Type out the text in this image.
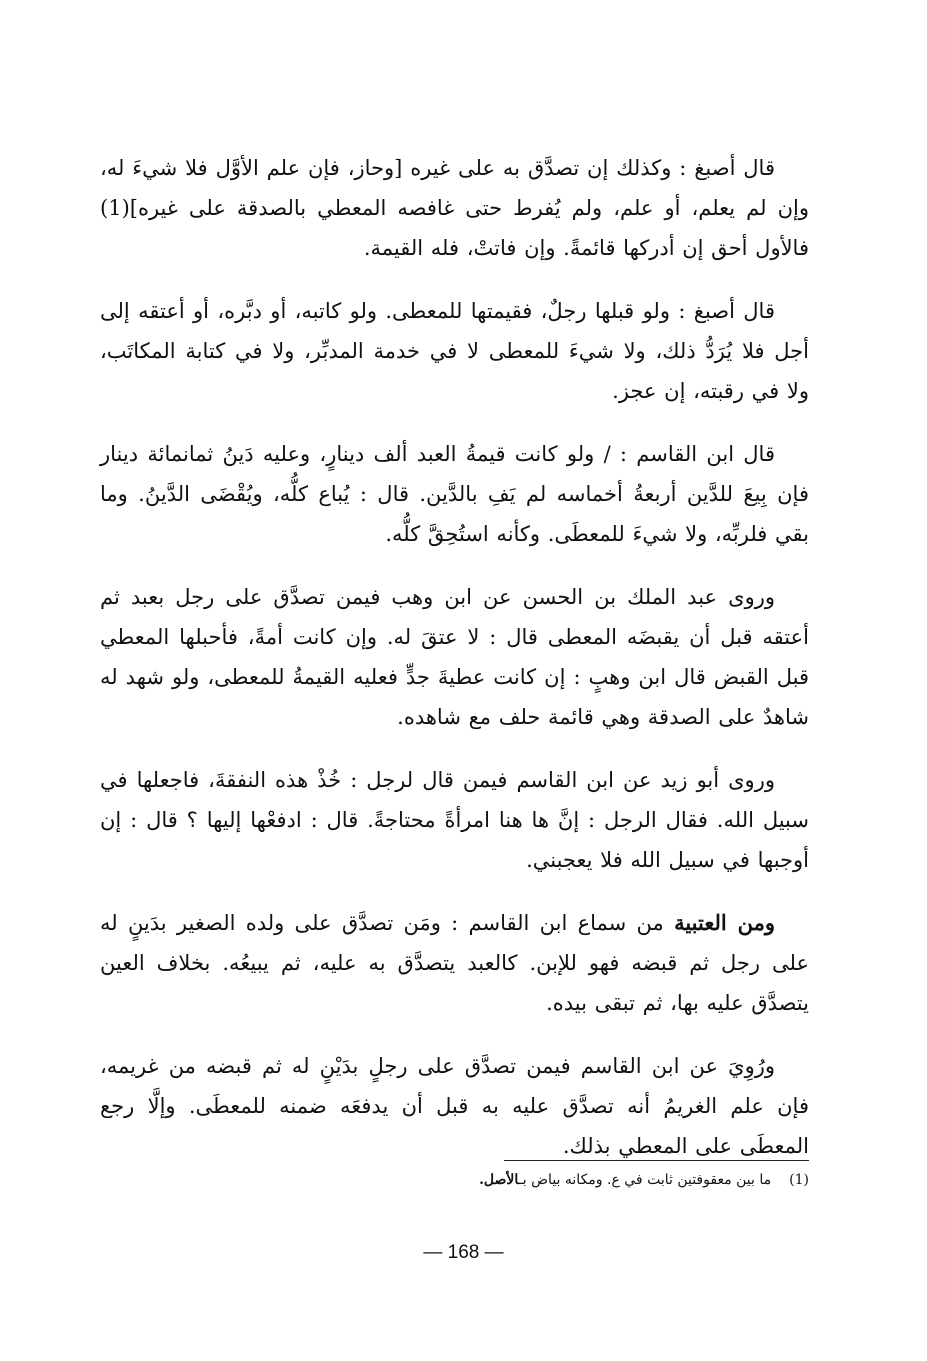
قال أصبغ : وكذلك إن تصدَّق به على غيره [وحاز، فإن علم الأوَّل فلا شيءَ له، وإن لم يعلم، أو علم، ولم يُفرط حتى غافصه المعطي بالصدقة على غيره](1) فالأول أحق إن أدركها قائمةً. وإن فاتتْ، فله القيمة.

قال أصبغ : ولو قبلها رجلٌ، فقيمتها للمعطى. ولو كاتبه، أو دبَّره، أو أعتقه إلى أجل فلا يُرَدُّ ذلك، ولا شيءَ للمعطى لا في خدمة المدبِّر، ولا في كتابة المكاتَب، ولا في رقبته، إن عجز.

قال ابن القاسم : / ولو كانت قيمةُ العبد ألف دينارٍ، وعليه دَينُ ثمانمائة دينار فإن بِيعَ للدَّين أربعةُ أخماسه لم يَفِ بالدَّين. قال : يُباع كلُّه، ويُقْضَى الدَّينُ. وما بقي فلربِّه، ولا شيءَ للمعطَى. وكأنه استُحِقَّ كلُّه.

وروى عبد الملك بن الحسن عن ابن وهب فيمن تصدَّق على رجل بعبد ثم أعتقه قبل أن يقبضَه المعطى قال : لا عتقَ له. وإن كانت أمةً، فأحبلها المعطي قبل القبض قال ابن وهبٍ : إن كانت عطيةَ جدٍّ فعليه القيمةُ للمعطى، ولو شهد له شاهدٌ على الصدقة وهي قائمة حلف مع شاهده.

وروى أبو زيد عن ابن القاسم فيمن قال لرجل : خُذْ هذه النفقةَ، فاجعلها في سبيل الله. فقال الرجل : إنَّ ها هنا امرأةً محتاجةً. قال : ادفعْها إليها ؟ قال : إن أوجبها في سبيل الله فلا يعجبني.

ومن العتبية من سماع ابن القاسم : ومَن تصدَّق على ولده الصغير بدَينٍ له على رجل ثم قبضه فهو للإبن. كالعبد يتصدَّق به عليه، ثم يبيعُه. بخلاف العين يتصدَّق عليه بها، ثم تبقى بيده.

ورُوِيَ عن ابن القاسم فيمن تصدَّق على رجلٍ بدَيْنٍ له ثم قبضه من غريمه، فإن علم الغريمُ أنه تصدَّق عليه به قبل أن يدفعَه ضمنه للمعطَى. وإلَّا رجع المعطَى على المعطي بذلك.

(1)ما بين معقوفتين ثابت في ع. ومكانه بياض بـالأصل.
— 168 —
